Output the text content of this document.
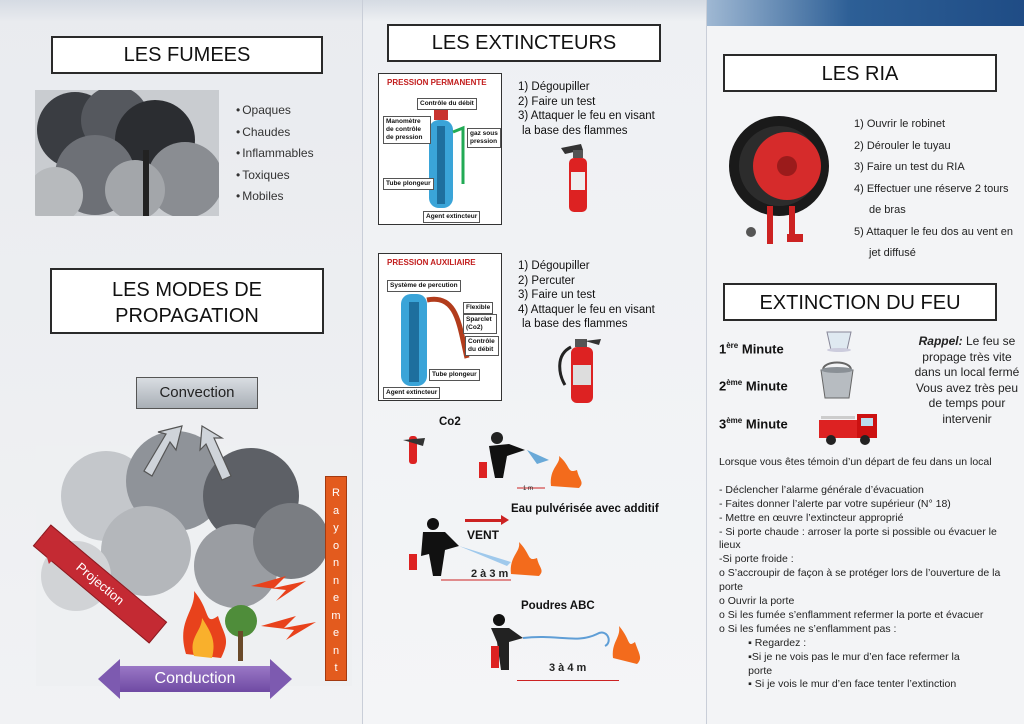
LES FUMEES
• Opaques
• Chaudes
• Inflammables
• Toxiques
• Mobiles
LES MODES DE
PROPAGATION
Convection
R
a
y
o
n
n
e
m
e
n
t
Projection
Conduction
LES EXTINCTEURS
PRESSION PERMANENTE
Contrôle du débit
Manomètre de contrôle de pression
gaz sous pression
Tube plongeur
Agent extincteur
1) Dégoupiller
2) Faire un test
3) Attaquer le feu en visant
la base des flammes
PRESSION AUXILIAIRE
Système de percution
Flexible
Sparclet (Co2)
Contrôle du débit
Tube plongeur
Agent extincteur
1) Dégoupiller
2) Percuter
3) Faire un test
4) Attaquer le feu en visant
la base des flammes
Co2
1 m
Eau pulvérisée avec additif
VENT
2 à 3 m
Poudres ABC
3 à 4 m
LES RIA
1) Ouvrir le robinet
2) Dérouler le tuyau
3) Faire un test du RIA
4) Effectuer une réserve 2 tours
de bras
5) Attaquer le feu dos au vent en
jet diffusé
EXTINCTION DU FEU
1ère Minute
2ème Minute
3ème Minute
Rappel: Le feu se
propage très vite
dans un local fermé
Vous avez très peu
de temps pour
intervenir
Lorsque vous êtes témoin d’un départ de feu dans un local
- Déclencher l’alarme générale d’évacuation
- Faites donner l’alerte par votre supérieur (N° 18)
- Mettre en œuvre l’extincteur approprié
- Si porte chaude : arroser la porte si possible ou évacuer le
lieux
-Si porte froide :
o S’accroupir de façon à se protéger lors de l’ouverture de la
porte
o Ouvrir la porte
o Si les fumée s’enflamment refermer la porte et évacuer
o Si les fumées ne s’enflamment pas :
▪ Regardez :
▪Si je ne vois pas le mur d’en face refermer la
porte
▪ Si je vois le mur d’en face tenter l’extinction
